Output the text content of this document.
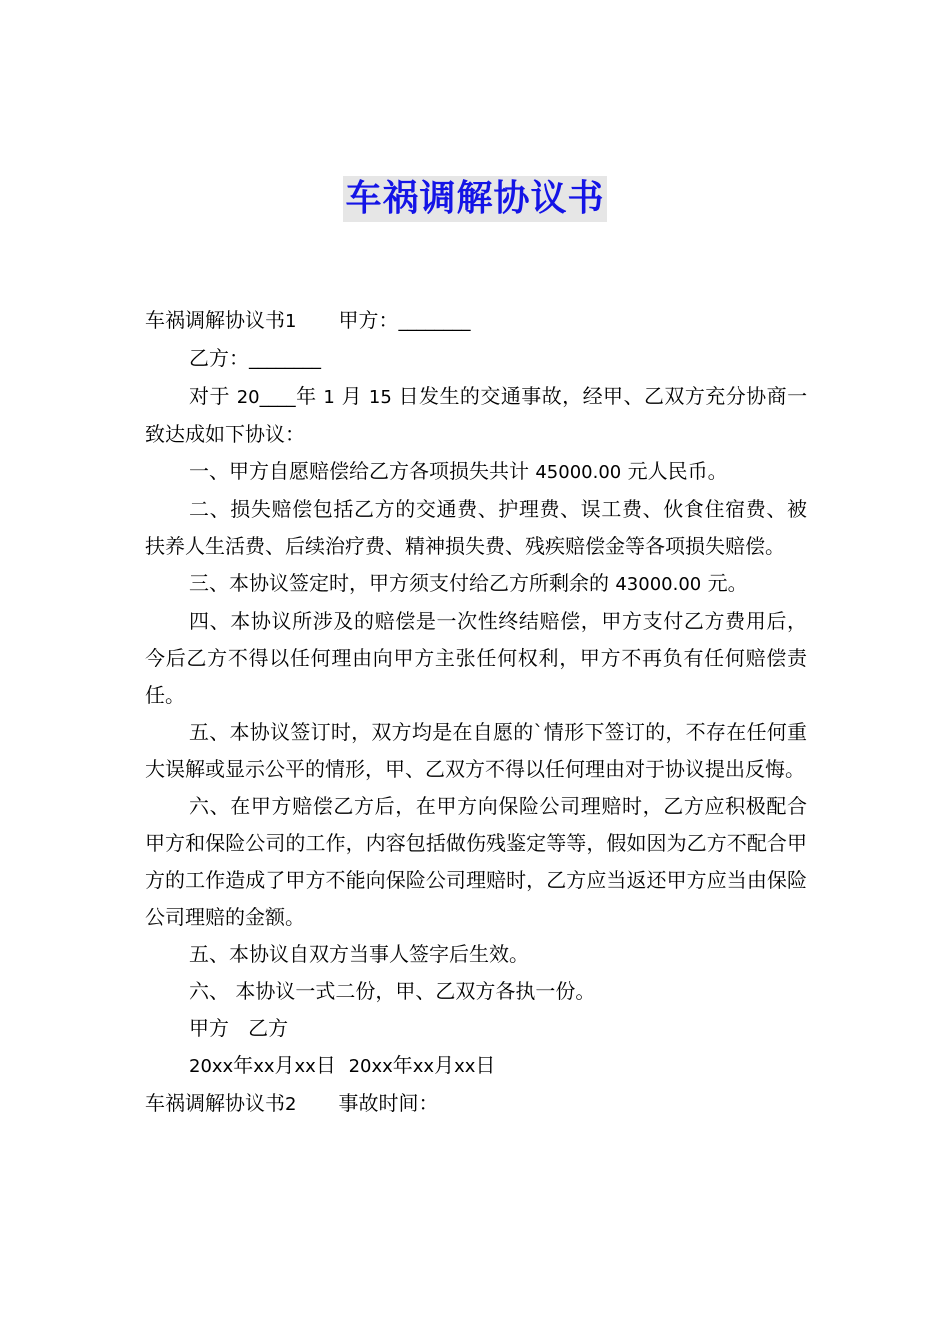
车祸调解协议书

车祸调解协议书1 甲方：________

乙方：________

对于 20____年 1 月 15 日发生的交通事故，经甲、乙双方充分协商一致达成如下协议：

一、甲方自愿赔偿给乙方各项损失共计 45000.00 元人民币。

二、损失赔偿包括乙方的交通费、护理费、误工费、伙食住宿费、被扶养人生活费、后续治疗费、精神损失费、残疾赔偿金等各项损失赔偿。

三、本协议签定时，甲方须支付给乙方所剩余的 43000.00 元。

四、本协议所涉及的赔偿是一次性终结赔偿，甲方支付乙方费用后，今后乙方不得以任何理由向甲方主张任何权利，甲方不再负有任何赔偿责任。

五、本协议签订时，双方均是在自愿的`情形下签订的，不存在任何重大误解或显示公平的情形，甲、乙双方不得以任何理由对于协议提出反悔。

六、在甲方赔偿乙方后，在甲方向保险公司理赔时，乙方应积极配合甲方和保险公司的工作，内容包括做伤残鉴定等等，假如因为乙方不配合甲方的工作造成了甲方不能向保险公司理赔时，乙方应当返还甲方应当由保险公司理赔的金额。

五、本协议自双方当事人签字后生效。

六、 本协议一式二份，甲、乙双方各执一份。

甲方   乙方

20xx年xx月xx日 20xx年xx月xx日

车祸调解协议书2 事故时间：
